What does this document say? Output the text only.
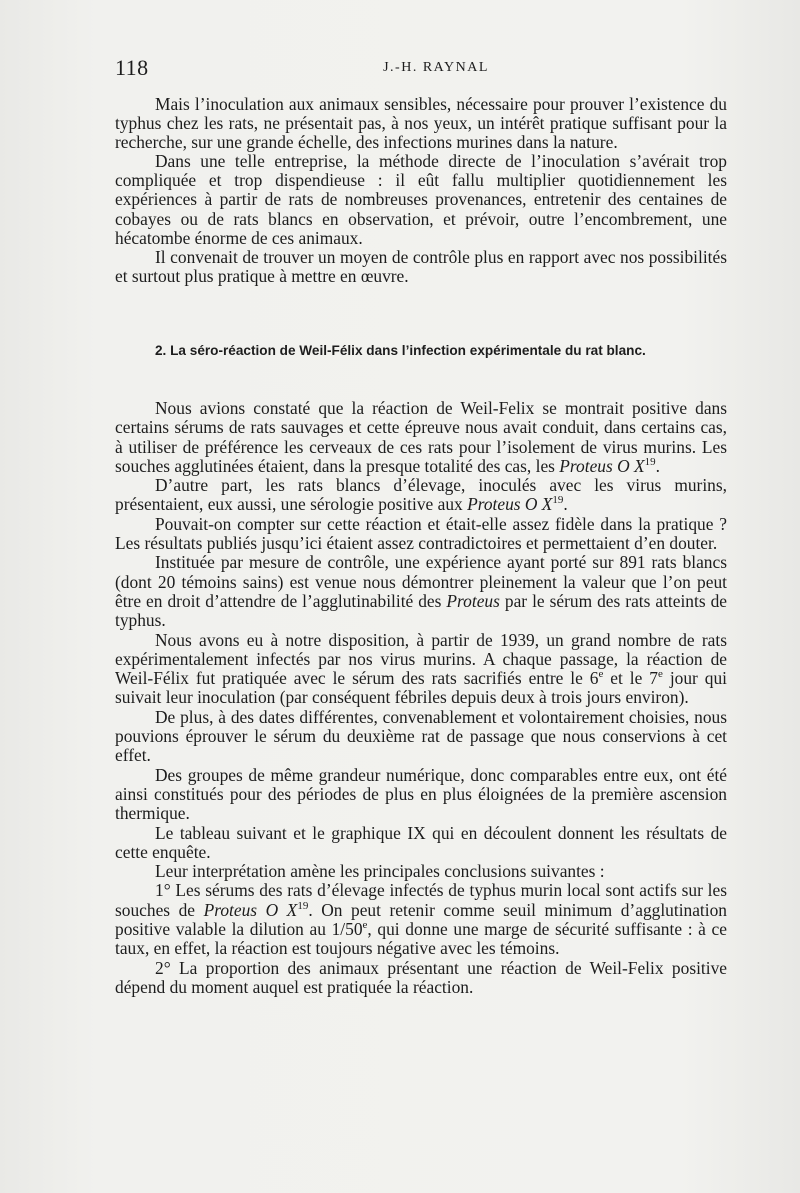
118	J.-H. RAYNAL

Mais l’inoculation aux animaux sensibles, nécessaire pour prouver l’existence du typhus chez les rats, ne présentait pas, à nos yeux, un intérêt pratique suffisant pour la recherche, sur une grande échelle, des infections murines dans la nature.

Dans une telle entreprise, la méthode directe de l’inoculation s’avérait trop compliquée et trop dispendieuse : il eût fallu multiplier quotidiennement les expériences à partir de rats de nombreuses provenances, entretenir des centaines de cobayes ou de rats blancs en observation, et prévoir, outre l’encombrement, une hécatombe énorme de ces animaux.

Il convenait de trouver un moyen de contrôle plus en rapport avec nos possibilités et surtout plus pratique à mettre en œuvre.

2. La séro-réaction de Weil-Félix dans l’infection expérimentale du rat blanc.

Nous avions constaté que la réaction de Weil-Felix se montrait positive dans certains sérums de rats sauvages et cette épreuve nous avait conduit, dans certains cas, à utiliser de préférence les cerveaux de ces rats pour l’isolement de virus murins. Les souches agglutinées étaient, dans la presque totalité des cas, les Proteus O $X^{19}$.

D’autre part, les rats blancs d’élevage, inoculés avec les virus murins, présentaient, eux aussi, une sérologie positive aux Proteus O $X^{19}$.

Pouvait-on compter sur cette réaction et était-elle assez fidèle dans la pratique ? Les résultats publiés jusqu’ici étaient assez contradictoires et permettaient d’en douter.

Instituée par mesure de contrôle, une expérience ayant porté sur 891 rats blancs (dont 20 témoins sains) est venue nous démontrer pleinement la valeur que l’on peut être en droit d’attendre de l’agglutinabilité des Proteus par le sérum des rats atteints de typhus.

Nous avons eu à notre disposition, à partir de 1939, un grand nombre de rats expérimentalement infectés par nos virus murins. A chaque passage, la réaction de Weil-Félix fut pratiquée avec le sérum des rats sacrifiés entre le 6e et le 7e jour qui suivait leur inoculation (par conséquent fébriles depuis deux à trois jours environ).

De plus, à des dates différentes, convenablement et volontairement choisies, nous pouvions éprouver le sérum du deuxième rat de passage que nous conservions à cet effet.

Des groupes de même grandeur numérique, donc comparables entre eux, ont été ainsi constitués pour des périodes de plus en plus éloignées de la première ascension thermique.

Le tableau suivant et le graphique IX qui en découlent donnent les résultats de cette enquête.

Leur interprétation amène les principales conclusions suivantes :

1° Les sérums des rats d’élevage infectés de typhus murin local sont actifs sur les souches de Proteus O $X^{19}$. On peut retenir comme seuil minimum d’agglutination positive valable la dilution au 1/50e, qui donne une marge de sécurité suffisante : à ce taux, en effet, la réaction est toujours négative avec les témoins.

2° La proportion des animaux présentant une réaction de Weil-Felix positive dépend du moment auquel est pratiquée la réaction.
